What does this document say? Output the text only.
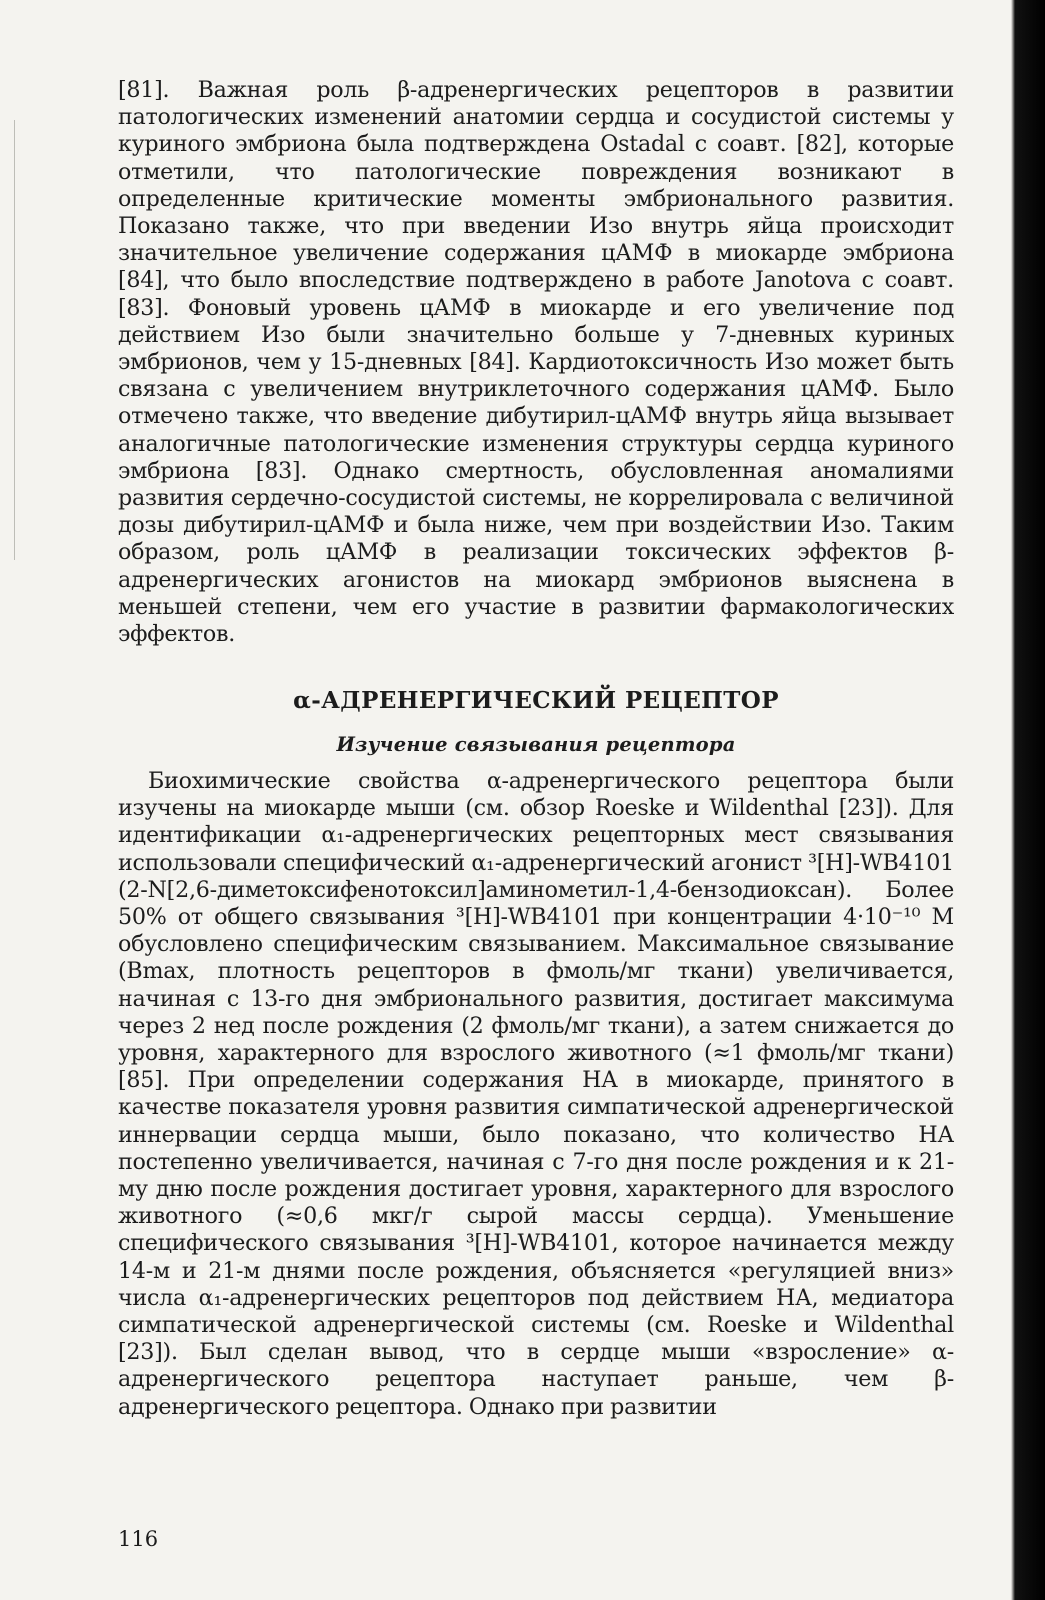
[81]. Важная роль β-адренергических рецепторов в развитии патологических изменений анатомии сердца и сосудистой системы у куриного эмбриона была подтверждена Ostadal с соавт. [82], которые отметили, что патологические повреждения возникают в определенные критические моменты эмбрионального развития. Показано также, что при введении Изо внутрь яйца происходит значительное увеличение содержания цАМФ в миокарде эмбриона [84], что было впоследствие подтверждено в работе Janotova с соавт. [83]. Фоновый уровень цАМФ в миокарде и его увеличение под действием Изо были значительно больше у 7-дневных куриных эмбрионов, чем у 15-дневных [84]. Кардиотоксичность Изо может быть связана с увеличением внутриклеточного содержания цАМФ. Было отмечено также, что введение дибутирил-цАМФ внутрь яйца вызывает аналогичные патологические изменения структуры сердца куриного эмбриона [83]. Однако смертность, обусловленная аномалиями развития сердечно-сосудистой системы, не коррелировала с величиной дозы дибутирил-цАМФ и была ниже, чем при воздействии Изо. Таким образом, роль цАМФ в реализации токсических эффектов β-адренергических агонистов на миокард эмбрионов выяснена в меньшей степени, чем его участие в развитии фармакологических эффектов.

α-АДРЕНЕРГИЧЕСКИЙ РЕЦЕПТОР
Изучение связывания рецептора

Биохимические свойства α-адренергического рецептора были изучены на миокарде мыши (см. обзор Roeske и Wildenthal [23]). Для идентификации α₁-адренергических рецепторных мест связывания использовали специфический α₁-адренергический агонист ³[H]-WB4101 (2-N[2,6-диметоксифенотоксил]аминометил-1,4-бензодиоксан). Более 50% от общего связывания ³[H]-WB4101 при концентрации 4·10⁻¹⁰ М обусловлено специфическим связыванием. Максимальное связывание (Bmax, плотность рецепторов в фмоль/мг ткани) увеличивается, начиная с 13-го дня эмбрионального развития, достигает максимума через 2 нед после рождения (2 фмоль/мг ткани), а затем снижается до уровня, характерного для взрослого животного (≈1 фмоль/мг ткани) [85]. При определении содержания НА в миокарде, принятого в качестве показателя уровня развития симпатической адренергической иннервации сердца мыши, было показано, что количество НА постепенно увеличивается, начиная с 7-го дня после рождения и к 21-му дню после рождения достигает уровня, характерного для взрослого животного (≈0,6 мкг/г сырой массы сердца). Уменьшение специфического связывания ³[H]-WB4101, которое начинается между 14-м и 21-м днями после рождения, объясняется «регуляцией вниз» числа α₁-адренергических рецепторов под действием НА, медиатора симпатической адренергической системы (см. Roeske и Wildenthal [23]). Был сделан вывод, что в сердце мыши «взросление» α-адренергического рецептора наступает раньше, чем β-адренергического рецептора. Однако при развитии

116
